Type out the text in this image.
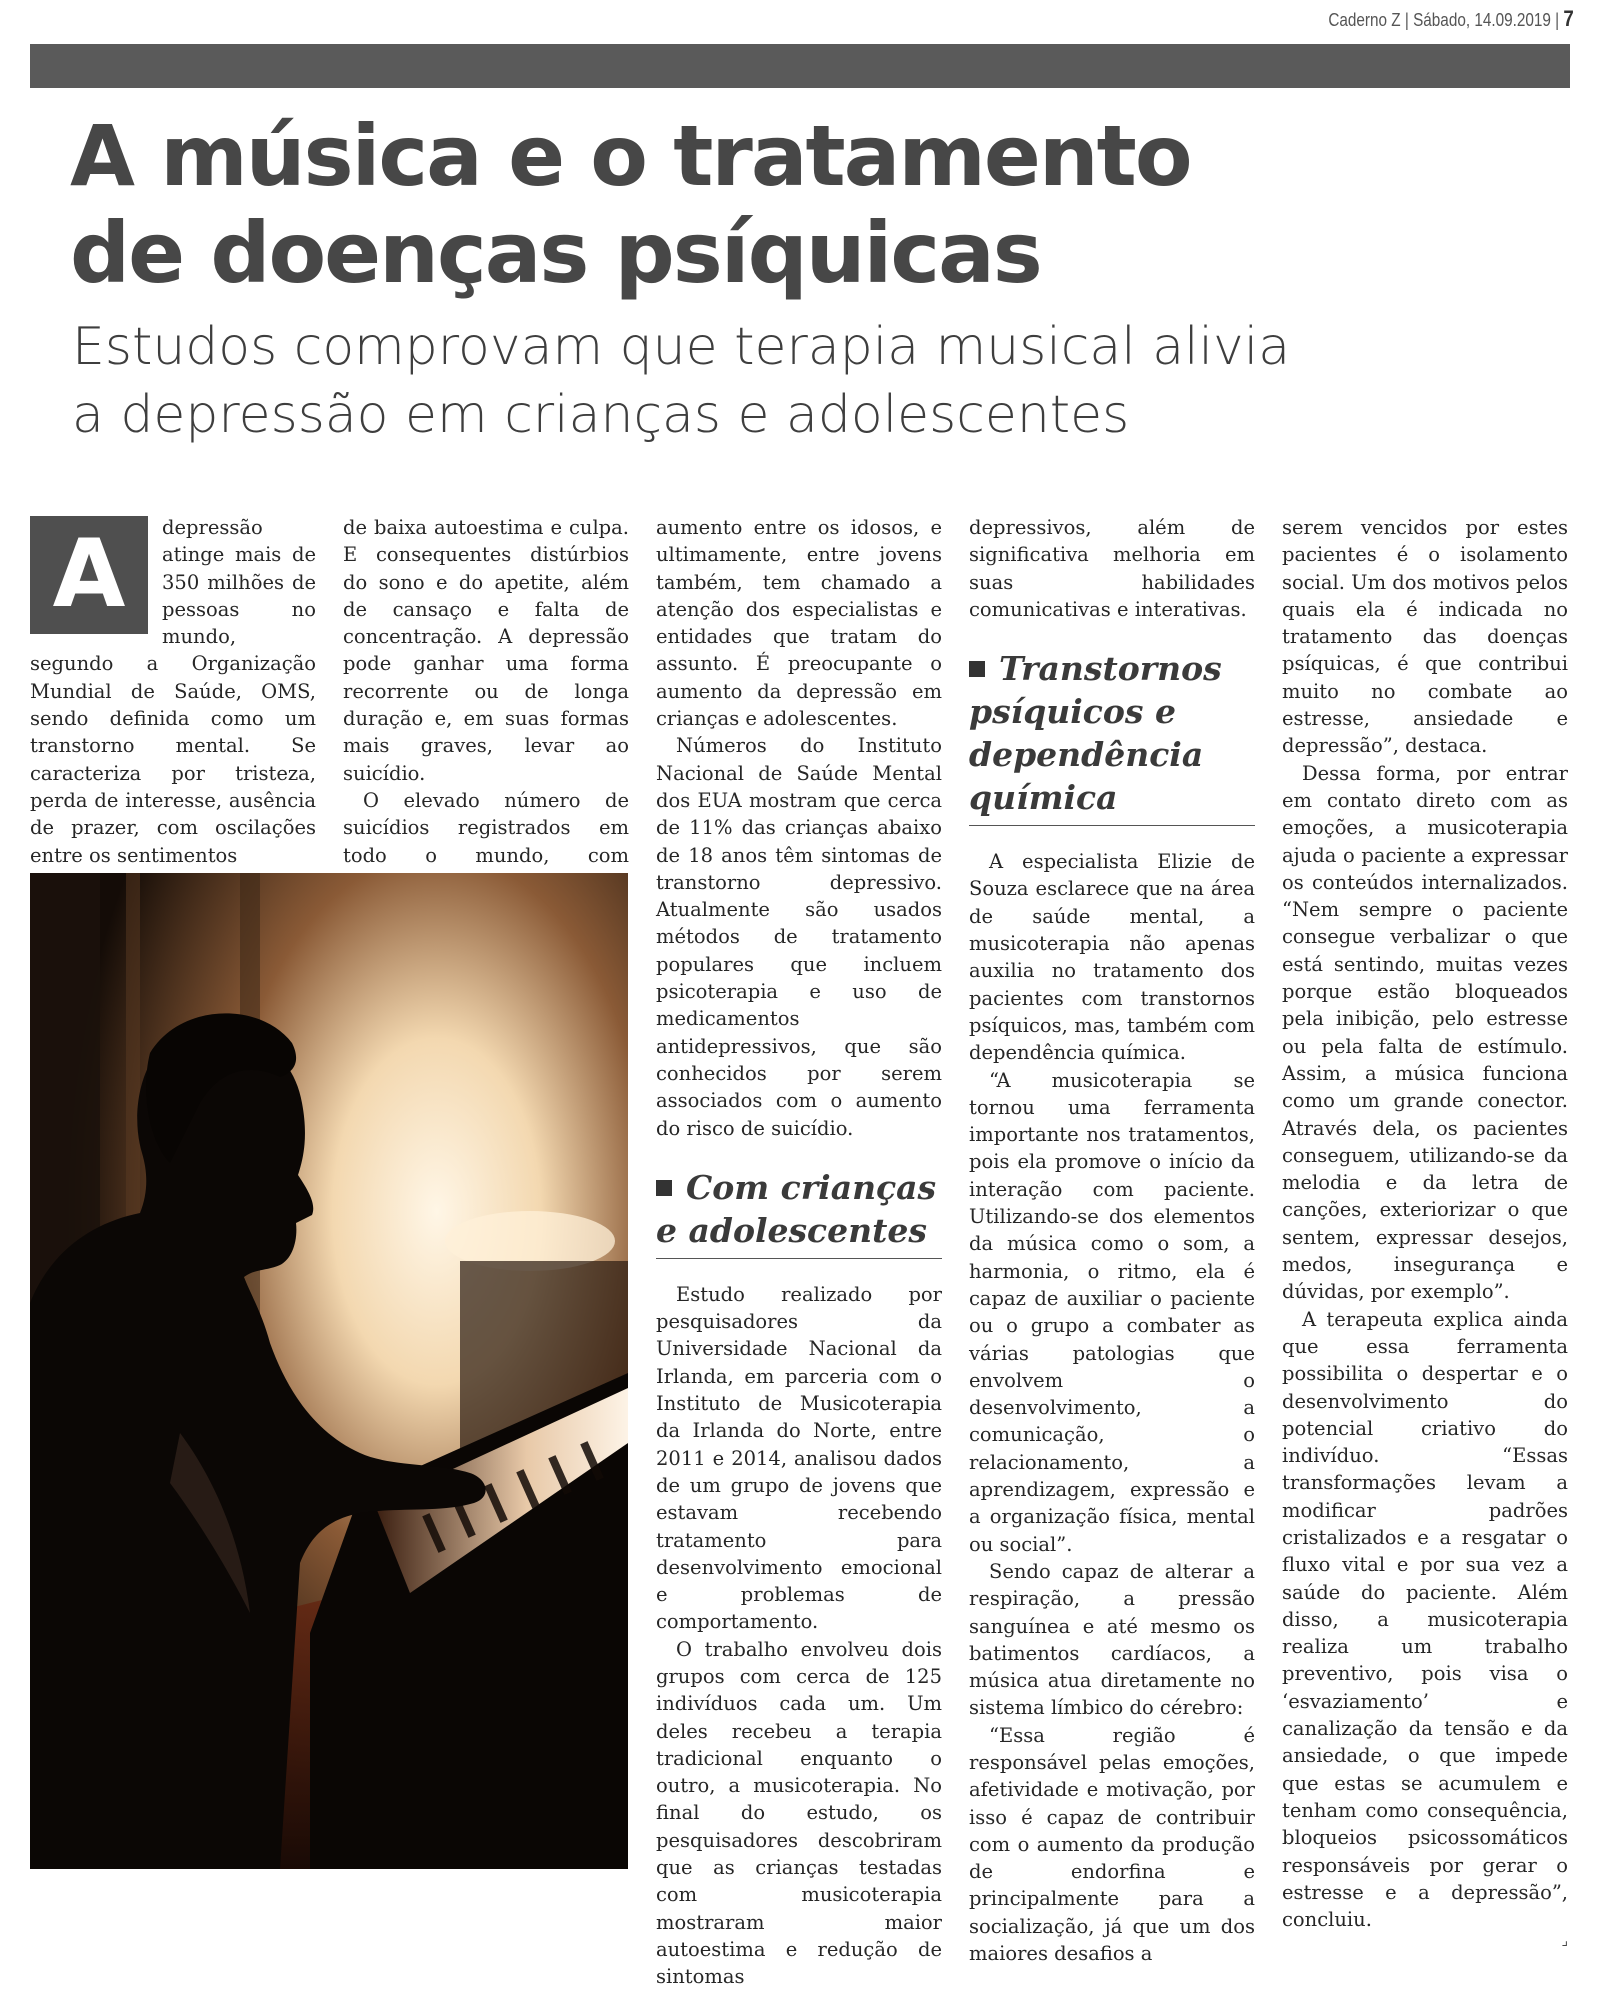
Caderno Z | Sábado, 14.09.2019 | 7
A música e o tratamento
de doenças psíquicas

Estudos comprovam que terapia musical alivia
a depressão em crianças e adolescentes

A	depressão atinge mais de 350 milhões de pessoas no mundo, segundo a Organização Mundial de Saúde, OMS, sendo definida como um transtorno mental. Se caracteriza por tristeza, perda de interesse, ausência de prazer, com oscilações entre os sentimentos

de baixa autoestima e culpa. E consequentes distúrbios do sono e do apetite, além de cansaço e falta de concentração. A depressão pode ganhar uma forma recorrente ou de longa duração e, em suas formas mais graves, levar ao suicídio.

O elevado número de suicídios registrados em todo o mundo, com

aumento entre os idosos, e ultimamente, entre jovens também, tem chamado a atenção dos especialistas e entidades que tratam do assunto. É preocupante o aumento da depressão em crianças e adolescentes.

Números do Instituto Nacional de Saúde Mental dos EUA mostram que cerca de 11% das crianças abaixo de 18 anos têm sintomas de transtorno depressivo. Atualmente são usados métodos de tratamento populares que incluem psicoterapia e uso de medicamentos antidepressivos, que são conhecidos por serem associados com o aumento do risco de suicídio.

Com crianças e adolescentes

Estudo realizado por pesquisadores da Universidade Nacional da Irlanda, em parceria com o Instituto de Musicoterapia da Irlanda do Norte, entre 2011 e 2014, analisou dados de um grupo de jovens que estavam recebendo tratamento para desenvolvimento emocional e problemas de comportamento.

O trabalho envolveu dois grupos com cerca de 125 indivíduos cada um. Um deles recebeu a terapia tradicional enquanto o outro, a musicoterapia. No final do estudo, os pesquisadores descobriram que as crianças testadas com musicoterapia mostraram maior autoestima e redução de sintomas

depressivos, além de significativa melhoria em suas habilidades comunicativas e interativas.

Transtornos psíquicos e dependência química

A especialista Elizie de Souza esclarece que na área de saúde mental, a musicoterapia não apenas auxilia no tratamento dos pacientes com transtornos psíquicos, mas, também com dependência química.

“A musicoterapia se tornou uma ferramenta importante nos tratamentos, pois ela promove o início da interação com paciente. Utilizando-se dos elementos da música como o som, a harmonia, o ritmo, ela é capaz de auxiliar o paciente ou o grupo a combater as várias patologias que envolvem o desenvolvimento, a comunicação, o relacionamento, a aprendizagem, expressão e a organização física, mental ou social”.

Sendo capaz de alterar a respiração, a pressão sanguínea e até mesmo os batimentos cardíacos, a música atua diretamente no sistema límbico do cérebro:

“Essa região é responsável pelas emoções, afetividade e motivação, por isso é capaz de contribuir com o aumento da produção de endorfina e principalmente para a socialização, já que um dos maiores desafios a

serem vencidos por estes pacientes é o isolamento social. Um dos motivos pelos quais ela é indicada no tratamento das doenças psíquicas, é que contribui muito no combate ao estresse, ansiedade e depressão”, destaca.

Dessa forma, por entrar em contato direto com as emoções, a musicoterapia ajuda o paciente a expressar os conteúdos internalizados. “Nem sempre o paciente consegue verbalizar o que está sentindo, muitas vezes porque estão bloqueados pela inibição, pelo estresse ou pela falta de estímulo. Assim, a música funciona como um grande conector. Através dela, os pacientes conseguem, utilizando-se da melodia e da letra de canções, exteriorizar o que sentem, expressar desejos, medos, insegurança e dúvidas, por exemplo”.

A terapeuta explica ainda que essa ferramenta possibilita o despertar e o desenvolvimento do potencial criativo do indivíduo. “Essas transformações levam a modificar padrões cristalizados e a resgatar o fluxo vital e por sua vez a saúde do paciente. Além disso, a musicoterapia realiza um trabalho preventivo, pois visa o ‘esvaziamento’ e canalização da tensão e da ansiedade, o que impede que estas se acumulem e tenham como consequência, bloqueios psicossomáticos responsáveis por gerar o estresse e a depressão”, concluiu.

⌟
